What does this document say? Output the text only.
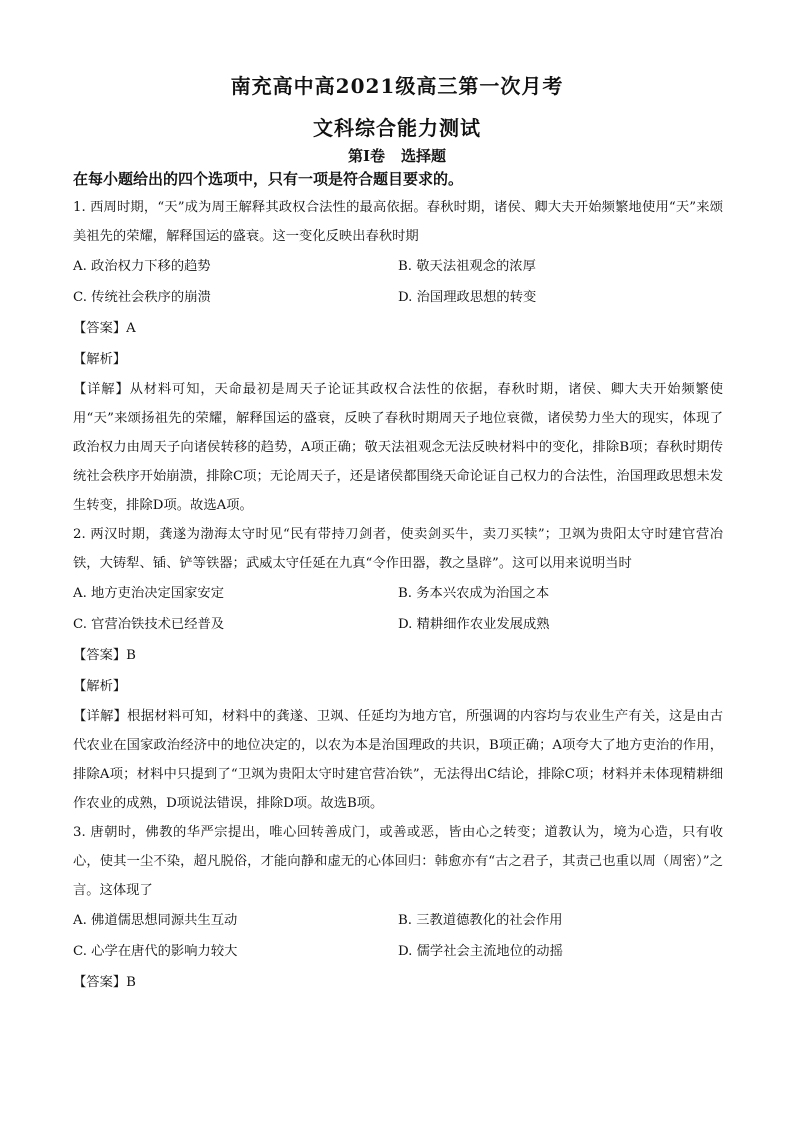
南充高中高2021级高三第一次月考
文科综合能力测试
第Ⅰ卷 选择题
在每小题给出的四个选项中，只有一项是符合题目要求的。

1. 西周时期，“天”成为周王解释其政权合法性的最高依据。春秋时期，诸侯、卿大夫开始频繁地使用“天”来颂美祖先的荣耀，解释国运的盛衰。这一变化反映出春秋时期

A. 政治权力下移的趋势	B. 敬天法祖观念的浓厚
C. 传统社会秩序的崩溃	D. 治国理政思想的转变
【答案】A
【解析】

【详解】从材料可知，天命最初是周天子论证其政权合法性的依据，春秋时期，诸侯、卿大夫开始频繁使用“天”来颂扬祖先的荣耀，解释国运的盛衰，反映了春秋时期周天子地位衰微，诸侯势力坐大的现实，体现了政治权力由周天子向诸侯转移的趋势，A项正确；敬天法祖观念无法反映材料中的变化，排除B项；春秋时期传统社会秩序开始崩溃，排除C项；无论周天子，还是诸侯都围绕天命论证自己权力的合法性，治国理政思想未发生转变，排除D项。故选A项。

2. 两汉时期，龚遂为渤海太守时见“民有带持刀剑者，使卖剑买牛，卖刀买犊”；卫飒为贵阳太守时建官营冶铁，大铸犁、锸、铲等铁器；武威太守任延在九真“令作田器，教之垦辟”。这可以用来说明当时

A. 地方吏治决定国家安定	B. 务本兴农成为治国之本
C. 官营冶铁技术已经普及	D. 精耕细作农业发展成熟
【答案】B
【解析】

【详解】根据材料可知，材料中的龚遂、卫飒、任延均为地方官，所强调的内容均与农业生产有关，这是由古代农业在国家政治经济中的地位决定的，以农为本是治国理政的共识，B项正确；A项夸大了地方吏治的作用，排除A项；材料中只提到了“卫飒为贵阳太守时建官营冶铁”，无法得出C结论，排除C项；材料并未体现精耕细作农业的成熟，D项说法错误，排除D项。故选B项。

3. 唐朝时，佛教的华严宗提出，唯心回转善成门，或善或恶，皆由心之转变；道教认为，境为心造，只有收心，使其一尘不染，超凡脱俗，才能向静和虚无的心体回归：韩愈亦有“古之君子，其责己也重以周（周密）”之言。这体现了

A. 佛道儒思想同源共生互动	B. 三教道德教化的社会作用
C. 心学在唐代的影响力较大	D. 儒学社会主流地位的动摇
【答案】B
